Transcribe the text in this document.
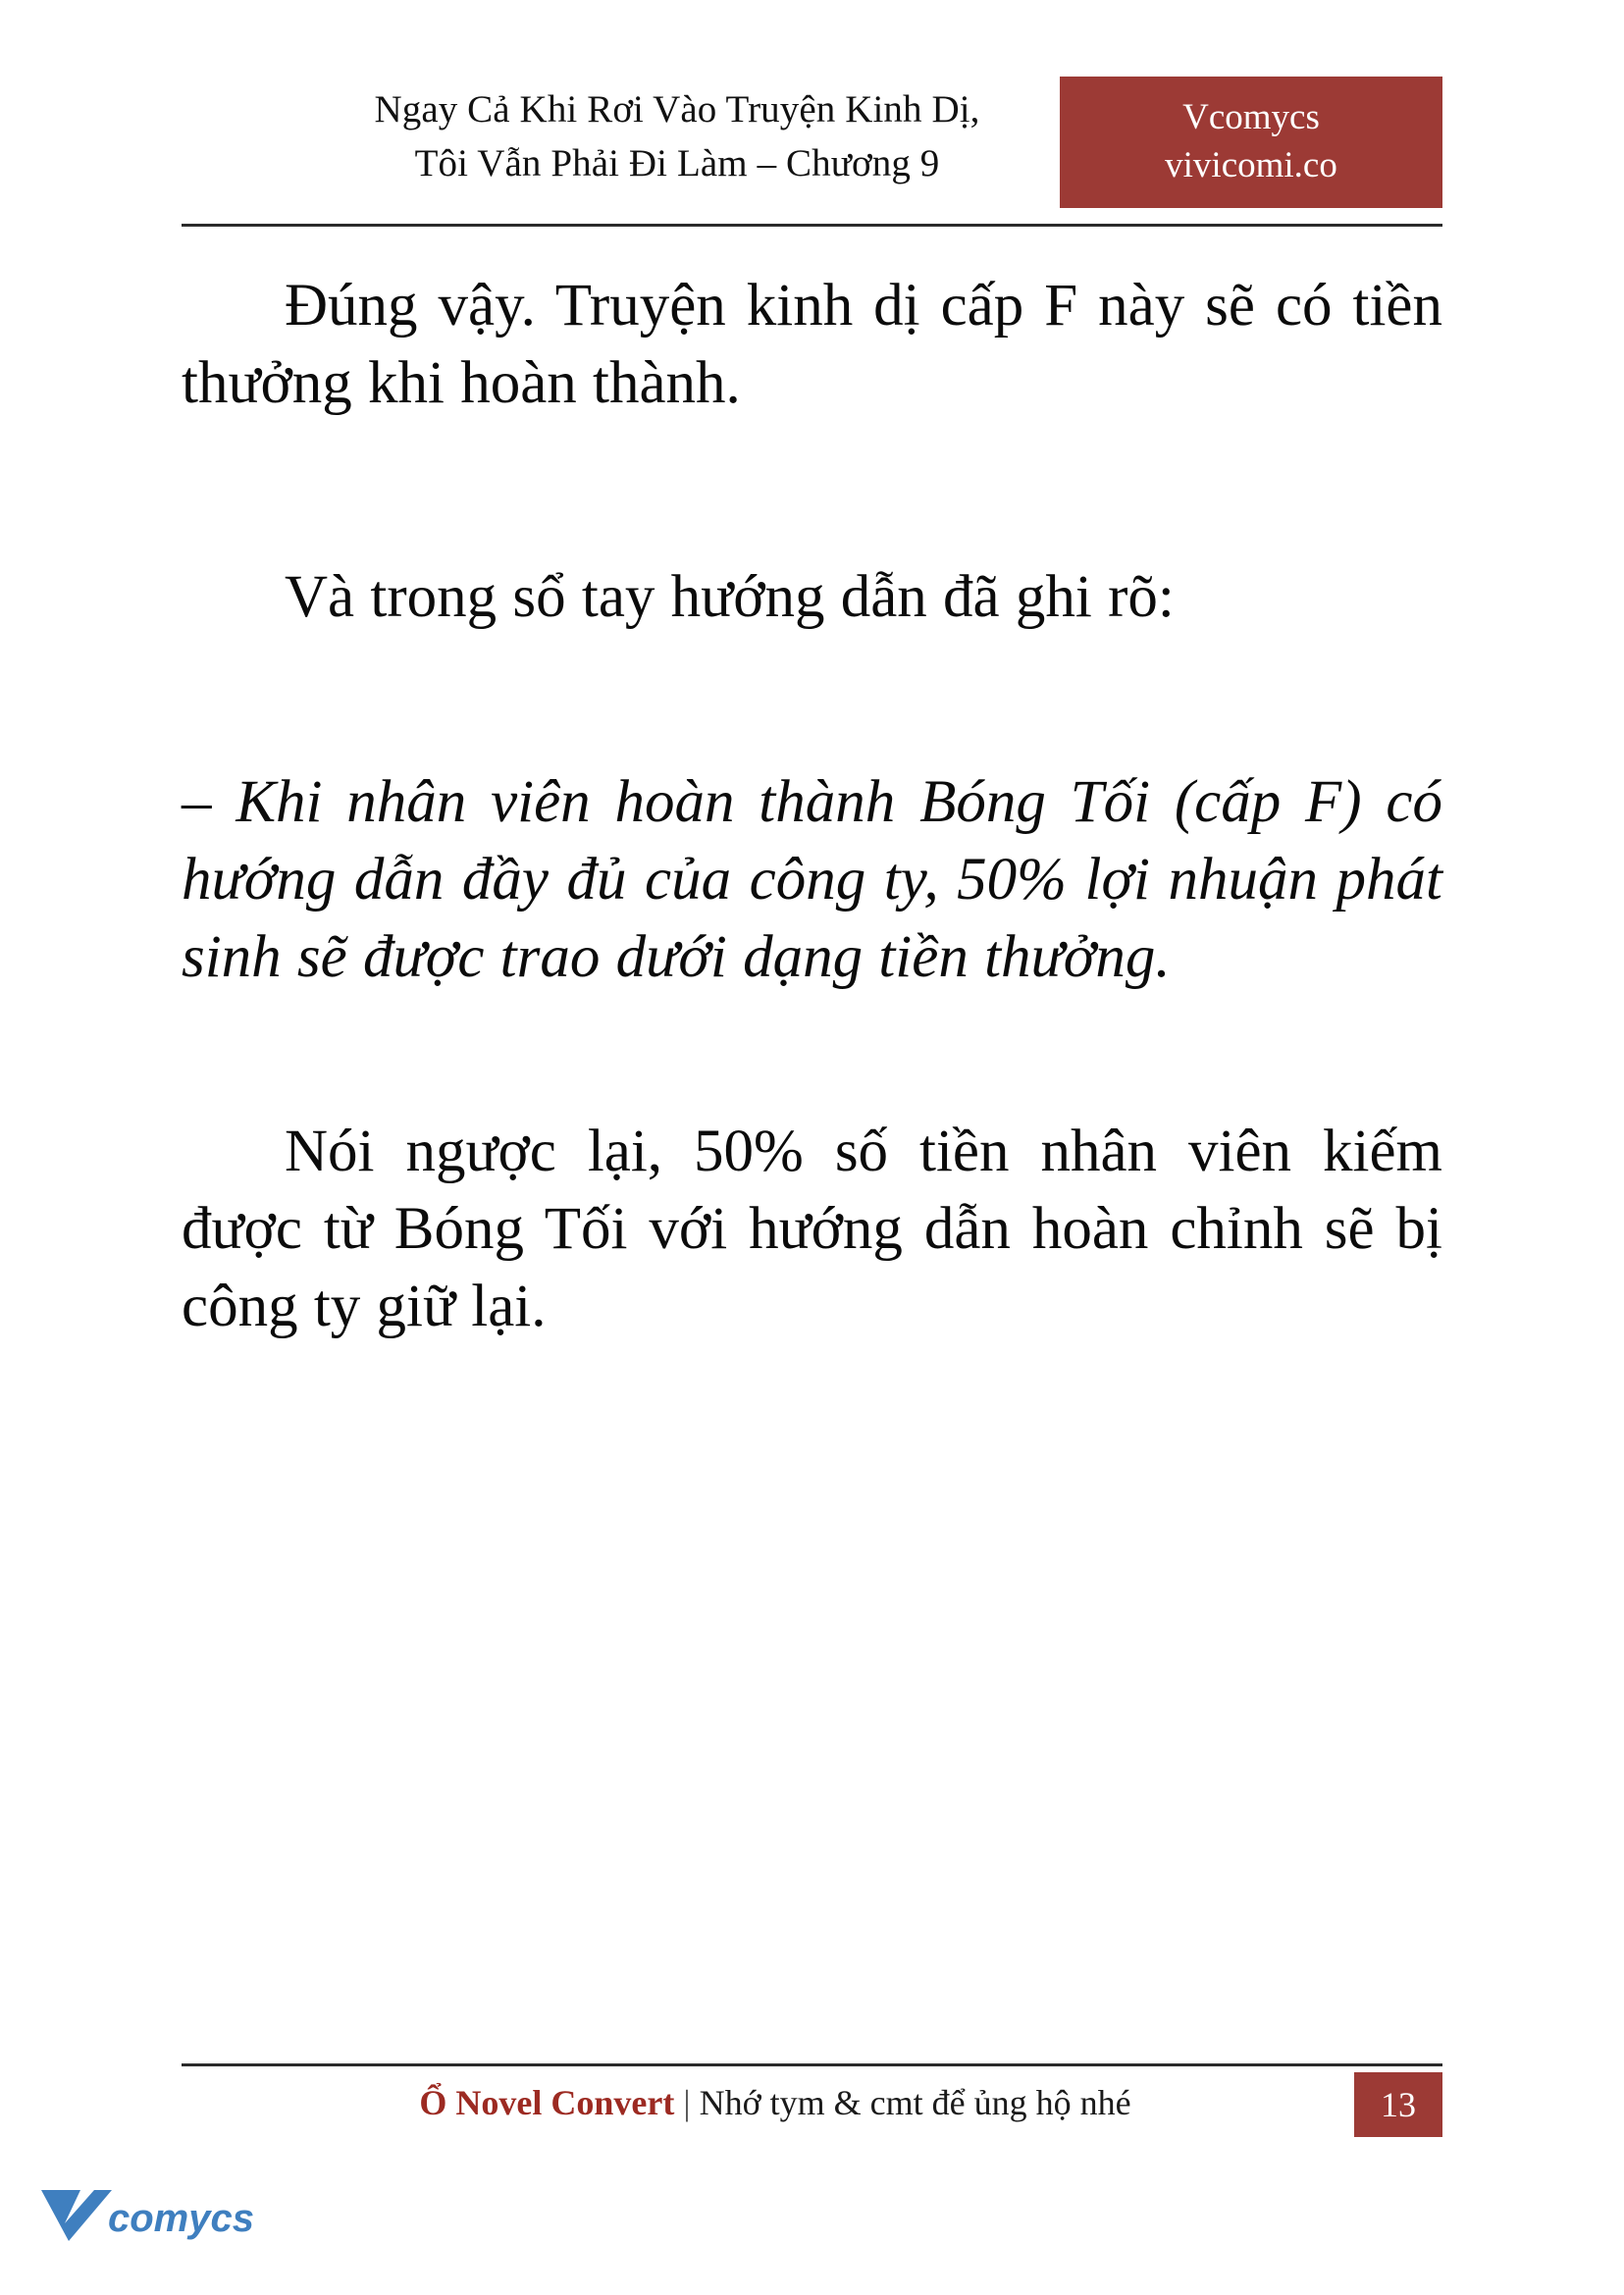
Ngay Cả Khi Rơi Vào Truyện Kinh Dị,
Tôi Vẫn Phải Đi Làm – Chương 9
Vcomycs
vivicomi.co

Đúng vậy. Truyện kinh dị cấp F này sẽ có tiền thưởng khi hoàn thành.

Và trong sổ tay hướng dẫn đã ghi rõ:

– Khi nhân viên hoàn thành Bóng Tối (cấp F) có hướng dẫn đầy đủ của công ty, 50% lợi nhuận phát sinh sẽ được trao dưới dạng tiền thưởng.

Nói ngược lại, 50% số tiền nhân viên kiếm được từ Bóng Tối với hướng dẫn hoàn chỉnh sẽ bị công ty giữ lại.

Ổ Novel Convert | Nhớ tym & cmt để ủng hộ nhé	13
comycs
